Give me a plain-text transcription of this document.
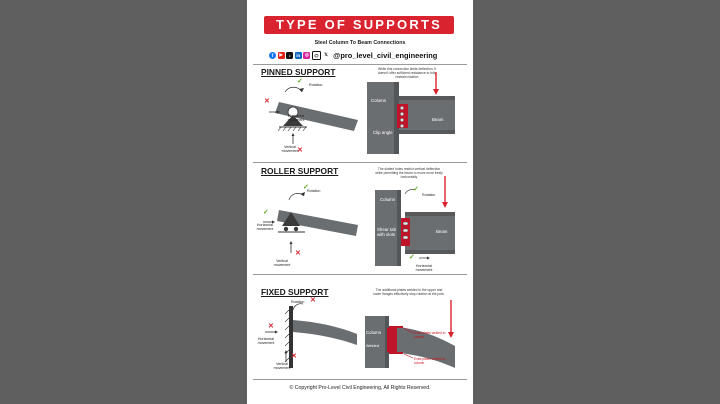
TYPE OF SUPPORTS
Steel Column To Beam Connections
f	▶	♪	in	◎	@	𝕏 @pro_level_civil_engineering
PINNED SUPPORT
Rotation
✓
✕
Horizontal movement
Vertical movement
✕
While this connection limits deflection, it doesn't offer sufficient resistance to fully restrain rotation
Column
Beam
Clip angle
ROLLER SUPPORT
Rotation
✓
✓
Horizontal movement
Vertical movement
✕
The slotted holes restrict vertical deflection while permitting the beam to move more freely horizontally
Column
Beam
Shear tab with slots
Rotation
✓
✓
Horizontal movement
FIXED SUPPORT
Rotation ✕
✕
Horizontal movement
Vertical movement
✕
The additional plates welded to the upper and lower flanges effectively stop rotation at the joint.
Column
Welded
Extra plates welded to column
Extra plates welded to column
© Copyright Pro-Level Civil Engineering, All Rights Reserved.
